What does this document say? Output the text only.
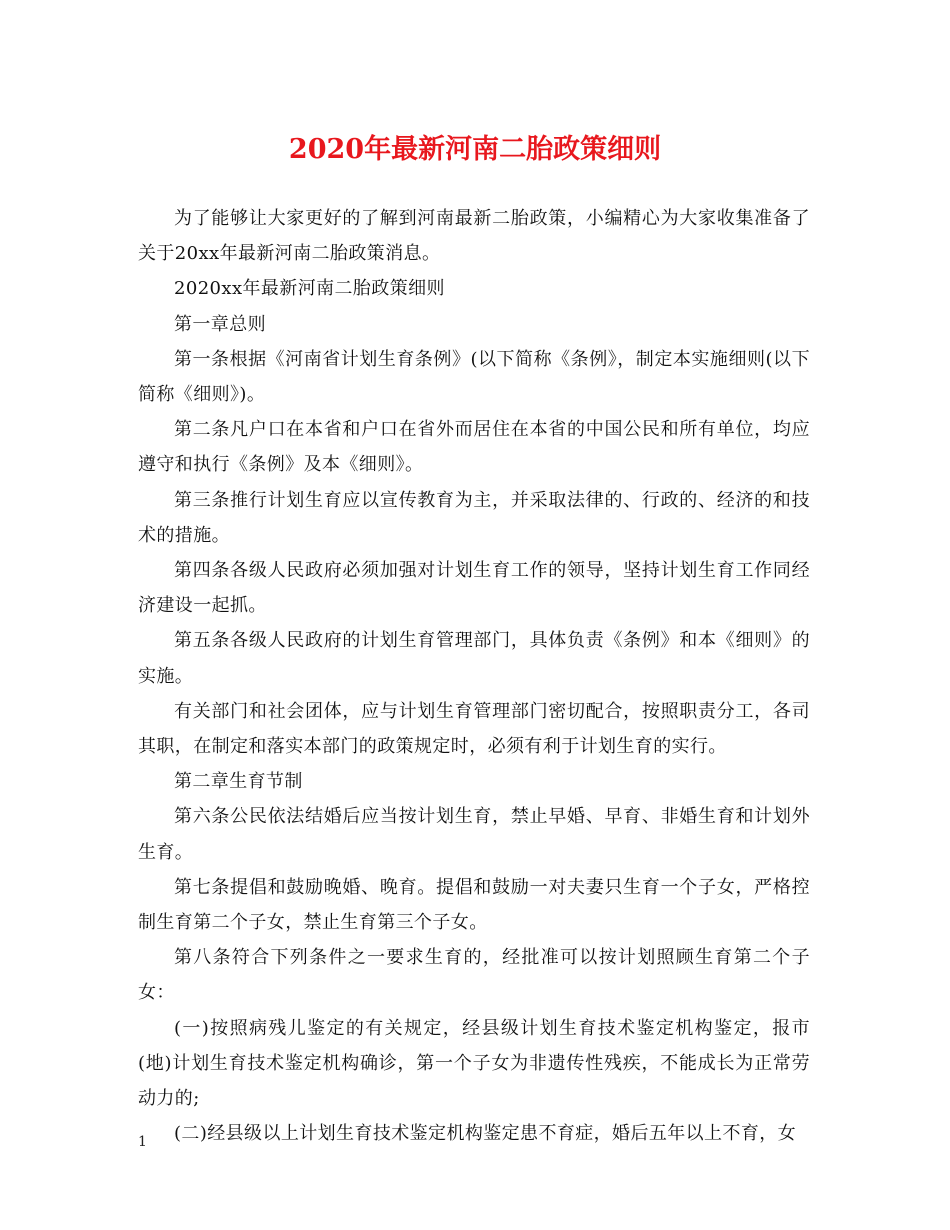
2020年最新河南二胎政策细则

为了能够让大家更好的了解到河南最新二胎政策，小编精心为大家收集准备了关于20xx年最新河南二胎政策消息。

2020xx年最新河南二胎政策细则

第一章总则

第一条根据《河南省计划生育条例》(以下简称《条例》，制定本实施细则(以下简称《细则》)。

第二条凡户口在本省和户口在省外而居住在本省的中国公民和所有单位，均应遵守和执行《条例》及本《细则》。

第三条推行计划生育应以宣传教育为主，并采取法律的、行政的、经济的和技术的措施。

第四条各级人民政府必须加强对计划生育工作的领导，坚持计划生育工作同经济建设一起抓。

第五条各级人民政府的计划生育管理部门，具体负责《条例》和本《细则》的实施。

有关部门和社会团体，应与计划生育管理部门密切配合，按照职责分工，各司其职，在制定和落实本部门的政策规定时，必须有利于计划生育的实行。

第二章生育节制

第六条公民依法结婚后应当按计划生育，禁止早婚、早育、非婚生育和计划外生育。

第七条提倡和鼓励晚婚、晚育。提倡和鼓励一对夫妻只生育一个子女，严格控制生育第二个子女，禁止生育第三个子女。

第八条符合下列条件之一要求生育的，经批准可以按计划照顾生育第二个子女：

(一)按照病残儿鉴定的有关规定，经县级计划生育技术鉴定机构鉴定，报市(地)计划生育技术鉴定机构确诊，第一个子女为非遗传性残疾，不能成长为正常劳动力的;

(二)经县级以上计划生育技术鉴定机构鉴定患不育症，婚后五年以上不育，女

1
